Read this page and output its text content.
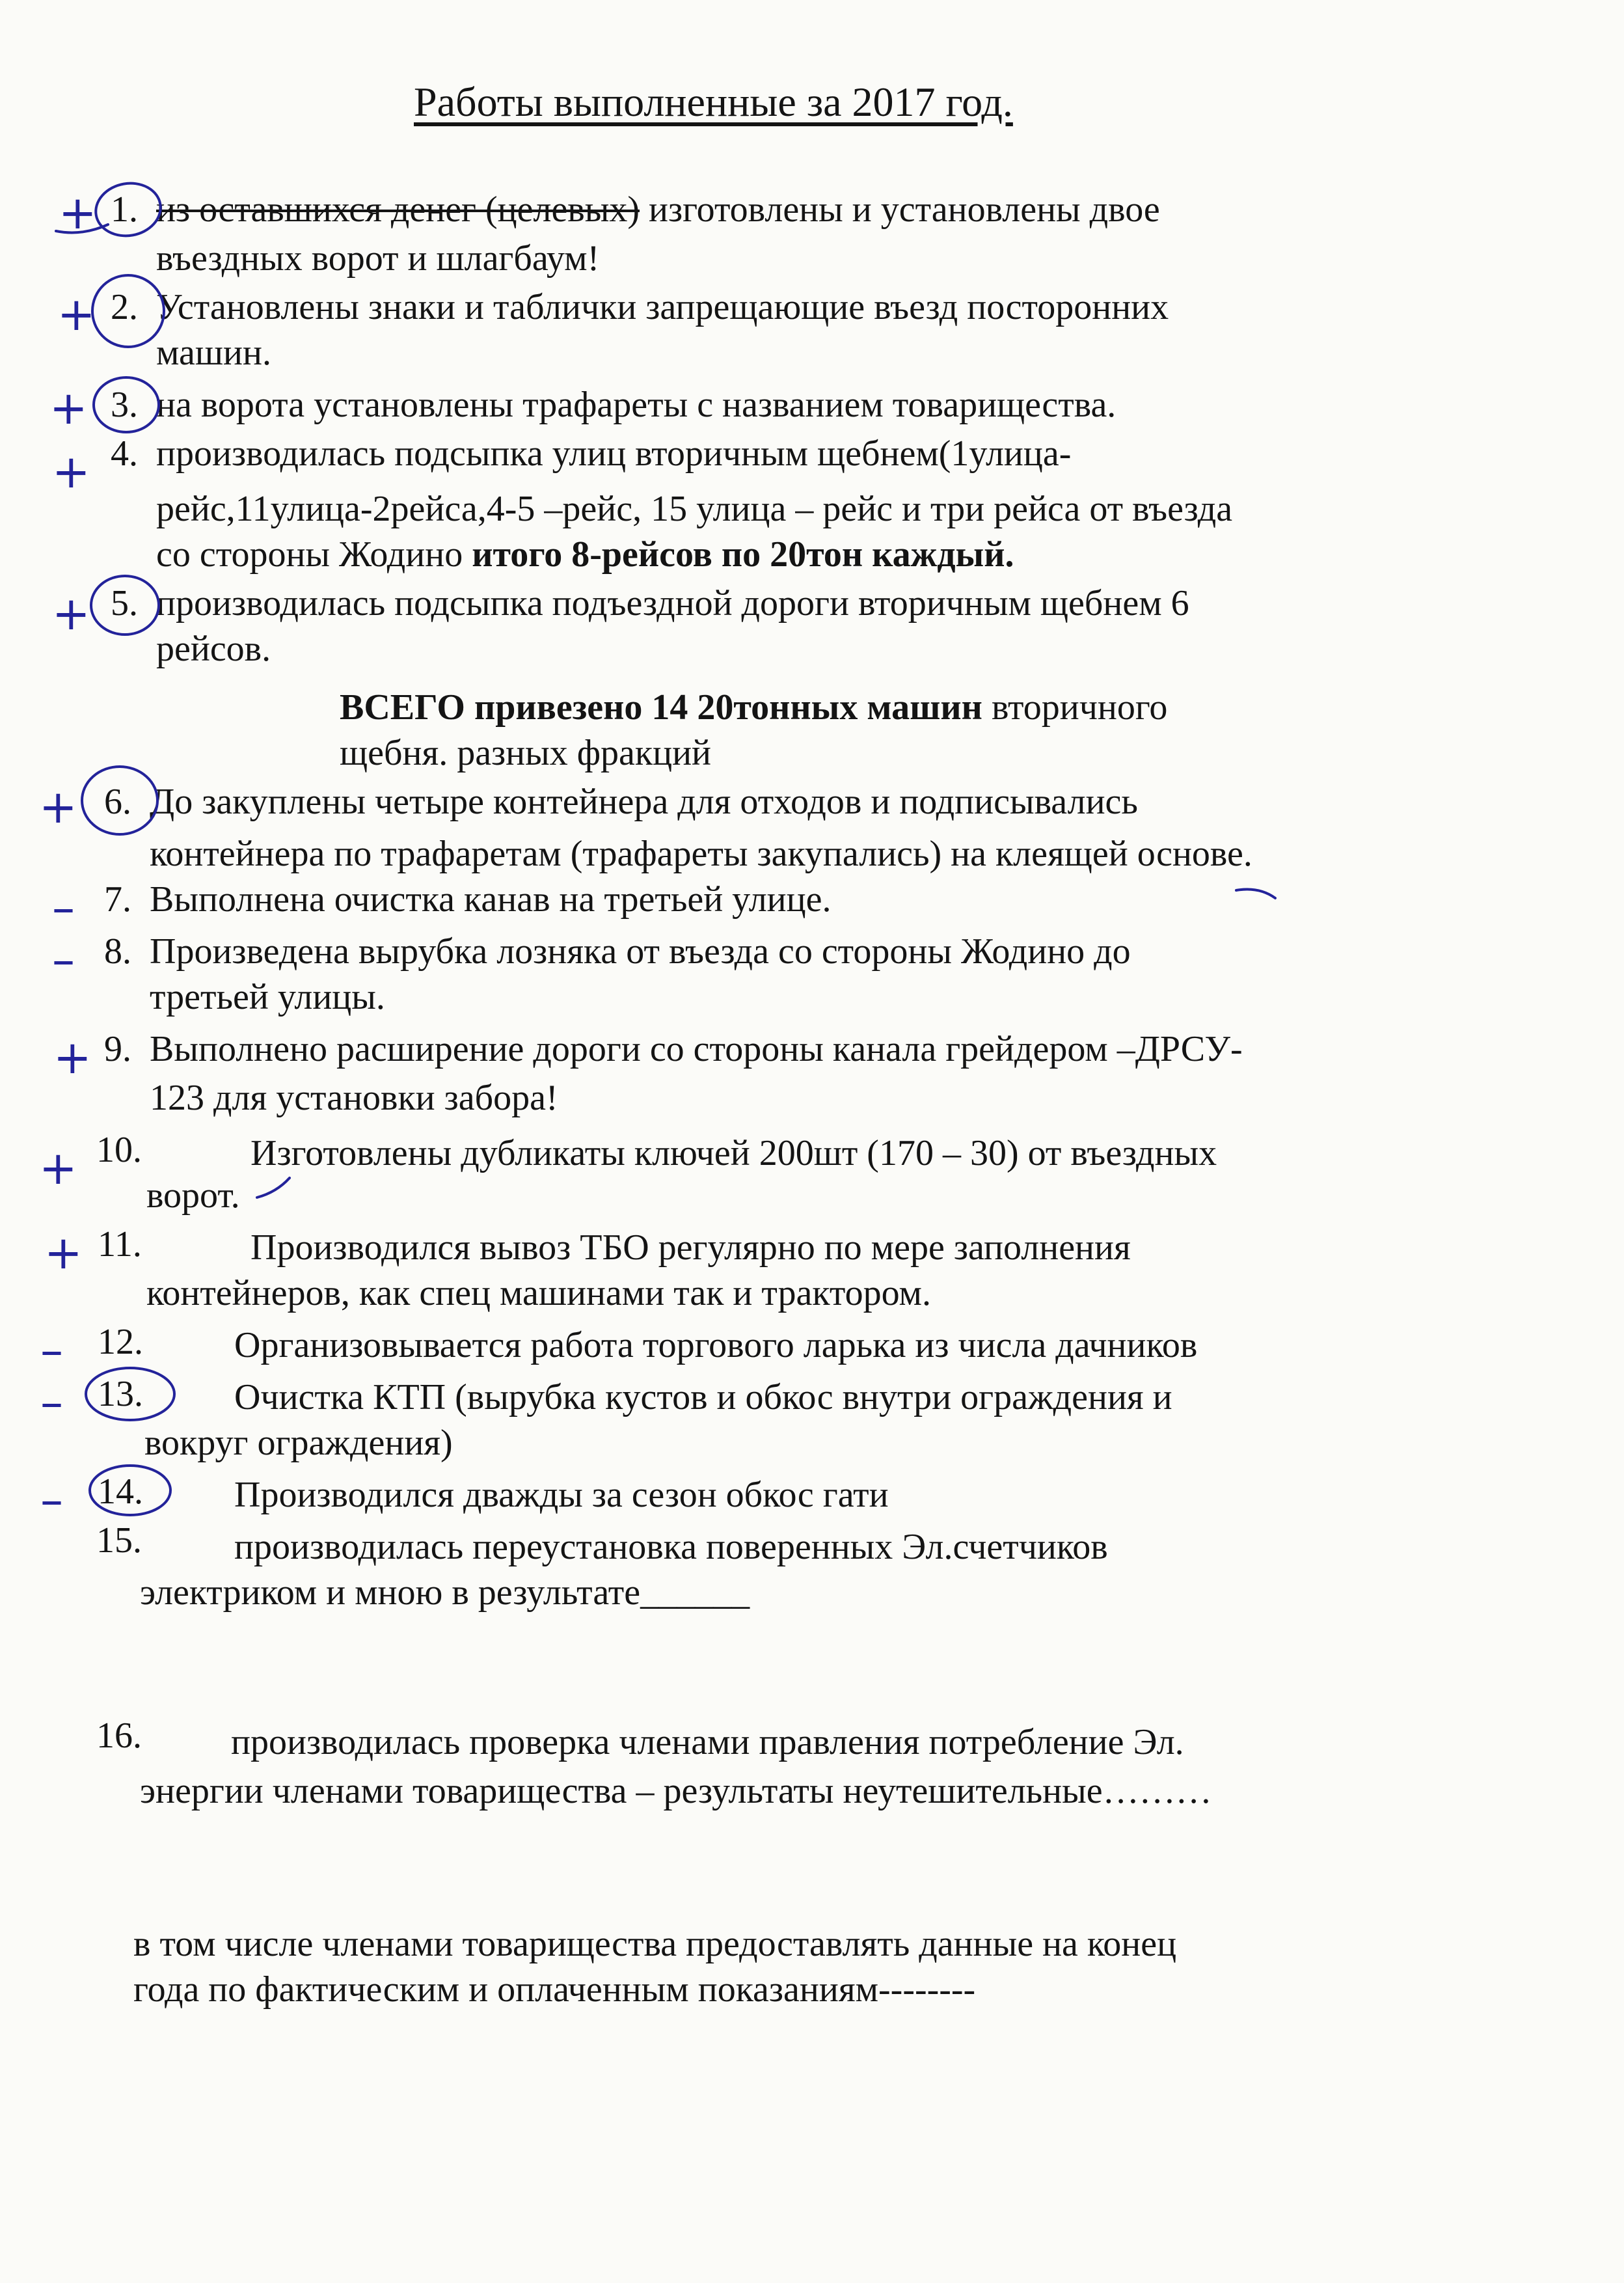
Работы выполненные за 2017 год.
+ 1. из оставшихся денег (целевых) изготовлены и установлены двое
въездных ворот и шлагбаум!
+ 2. Установлены знаки и таблички запрещающие въезд посторонних
машин.
+ 3. на ворота установлены трафареты с названием товарищества.
+ 4. производилась подсыпка улиц вторичным щебнем(1улица-
рейс,11улица-2рейса,4-5 –рейс, 15 улица – рейс и три рейса от въезда
со стороны Жодино итого 8-рейсов по 20тон каждый.
+ 5. производилась подсыпка подъездной дороги вторичным щебнем 6
рейсов.
ВСЕГО привезено 14 20тонных машин вторичного
щебня. разных фракций
+ 6. До закуплены четыре контейнера для отходов и подписывались
контейнера по трафаретам (трафареты закупались) на клеящей основе.
– 7. Выполнена очистка канав на третьей улице.
– 8. Произведена вырубка лозняка от въезда со стороны Жодино до
третьей улицы.
+ 9. Выполнено расширение дороги со стороны канала грейдером –ДРСУ-
123 для установки забора!
+ 10.	Изготовлены дубликаты ключей 200шт (170 – 30) от въездных
ворот.
+ 11.	Производился вывоз ТБО регулярно по мере заполнения
контейнеров, как спец машинами так и трактором.
– 12.	Организовывается работа торгового ларька из числа дачников
– 13.	Очистка КТП (вырубка кустов и обкос внутри ограждения и
вокруг ограждения)
– 14.	Производился дважды за сезон обкос гати
15.	производилась переустановка поверенных Эл.счетчиков
электриком и мною в результате______
16. производилась проверка членами правления потребление Эл.
энергии членами товарищества – результаты неутешительные………
в том числе членами товарищества предоставлять данные на конец
года по фактическим и оплаченным показаниям--------
